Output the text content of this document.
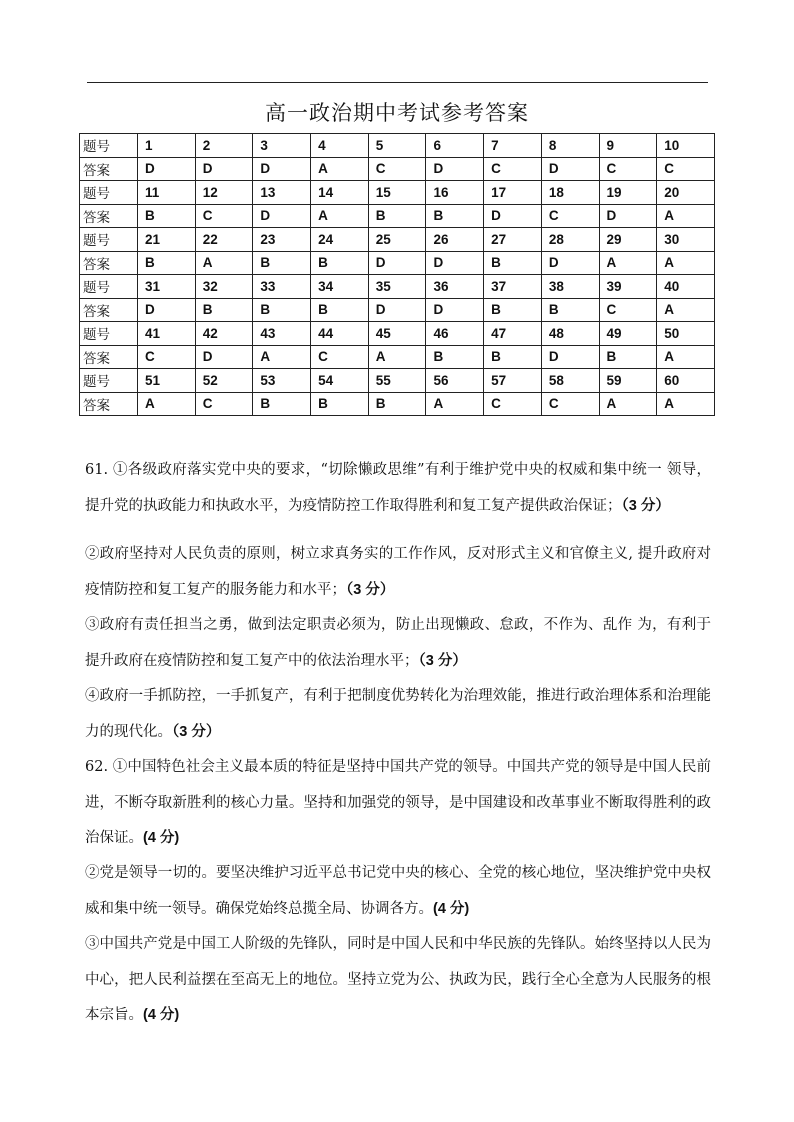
高一政治期中考试参考答案
题号	1	2	3	4	5	6	7	8	9	10
答案	D	D	D	A	C	D	C	D	C	C
题号	11	12	13	14	15	16	17	18	19	20
答案	B	C	D	A	B	B	D	C	D	A
题号	21	22	23	24	25	26	27	28	29	30
答案	B	A	B	B	D	D	B	D	A	A
题号	31	32	33	34	35	36	37	38	39	40
答案	D	B	B	B	D	D	B	B	C	A
题号	41	42	43	44	45	46	47	48	49	50
答案	C	D	A	C	A	B	B	D	B	A
题号	51	52	53	54	55	56	57	58	59	60
答案	A	C	B	B	B	A	C	C	A	A
61. ①各级政府落实党中央的要求，“切除懒政思维”有利于维护党中央的权威和集中统一 领导，提升党的执政能力和执政水平，为疫情防控工作取得胜利和复工复产提供政治保证；（3 分）
②政府坚持对人民负责的原则，树立求真务实的工作作风，反对形式主义和官僚主义, 提升政府对疫情防控和复工复产的服务能力和水平；（3 分）
③政府有责任担当之勇，做到法定职责必须为，防止出现懒政、怠政，不作为、乱作 为，有利于提升政府在疫情防控和复工复产中的依法治理水平；（3 分）
④政府一手抓防控，一手抓复产，有利于把制度优势转化为治理效能，推进行政治理体系和治理能力的现代化。（3 分）
62. ①中国特色社会主义最本质的特征是坚持中国共产党的领导。中国共产党的领导是中国人民前进，不断夺取新胜利的核心力量。坚持和加强党的领导，是中国建设和改革事业不断取得胜利的政治保证。(4 分)
②党是领导一切的。要坚决维护习近平总书记党中央的核心、全党的核心地位，坚决维护党中央权威和集中统一领导。确保党始终总揽全局、协调各方。(4 分)
③中国共产党是中国工人阶级的先锋队，同时是中国人民和中华民族的先锋队。始终坚持以人民为中心，把人民利益摆在至高无上的地位。坚持立党为公、执政为民，践行全心全意为人民服务的根本宗旨。(4 分)
